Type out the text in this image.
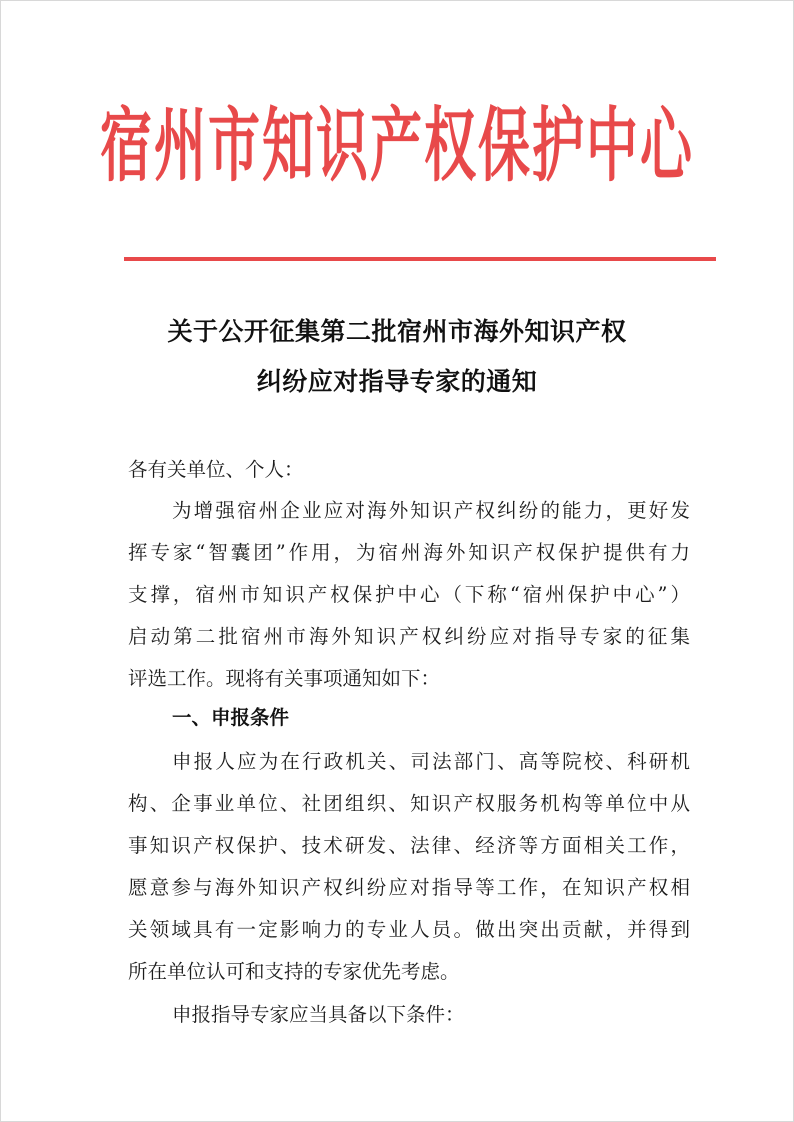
宿州市知识产权保护中心
关于公开征集第二批宿州市海外知识产权
纠纷应对指导专家的通知
各有关单位、个人：
为增强宿州企业应对海外知识产权纠纷的能力，更好发
挥专家“智囊团”作用，为宿州海外知识产权保护提供有力
支撑，宿州市知识产权保护中心（下称“宿州保护中心”）
启动第二批宿州市海外知识产权纠纷应对指导专家的征集
评选工作。现将有关事项通知如下：
一、申报条件
申报人应为在行政机关、司法部门、高等院校、科研机
构、企事业单位、社团组织、知识产权服务机构等单位中从
事知识产权保护、技术研发、法律、经济等方面相关工作，
愿意参与海外知识产权纠纷应对指导等工作，在知识产权相
关领域具有一定影响力的专业人员。做出突出贡献，并得到
所在单位认可和支持的专家优先考虑。
申报指导专家应当具备以下条件：
